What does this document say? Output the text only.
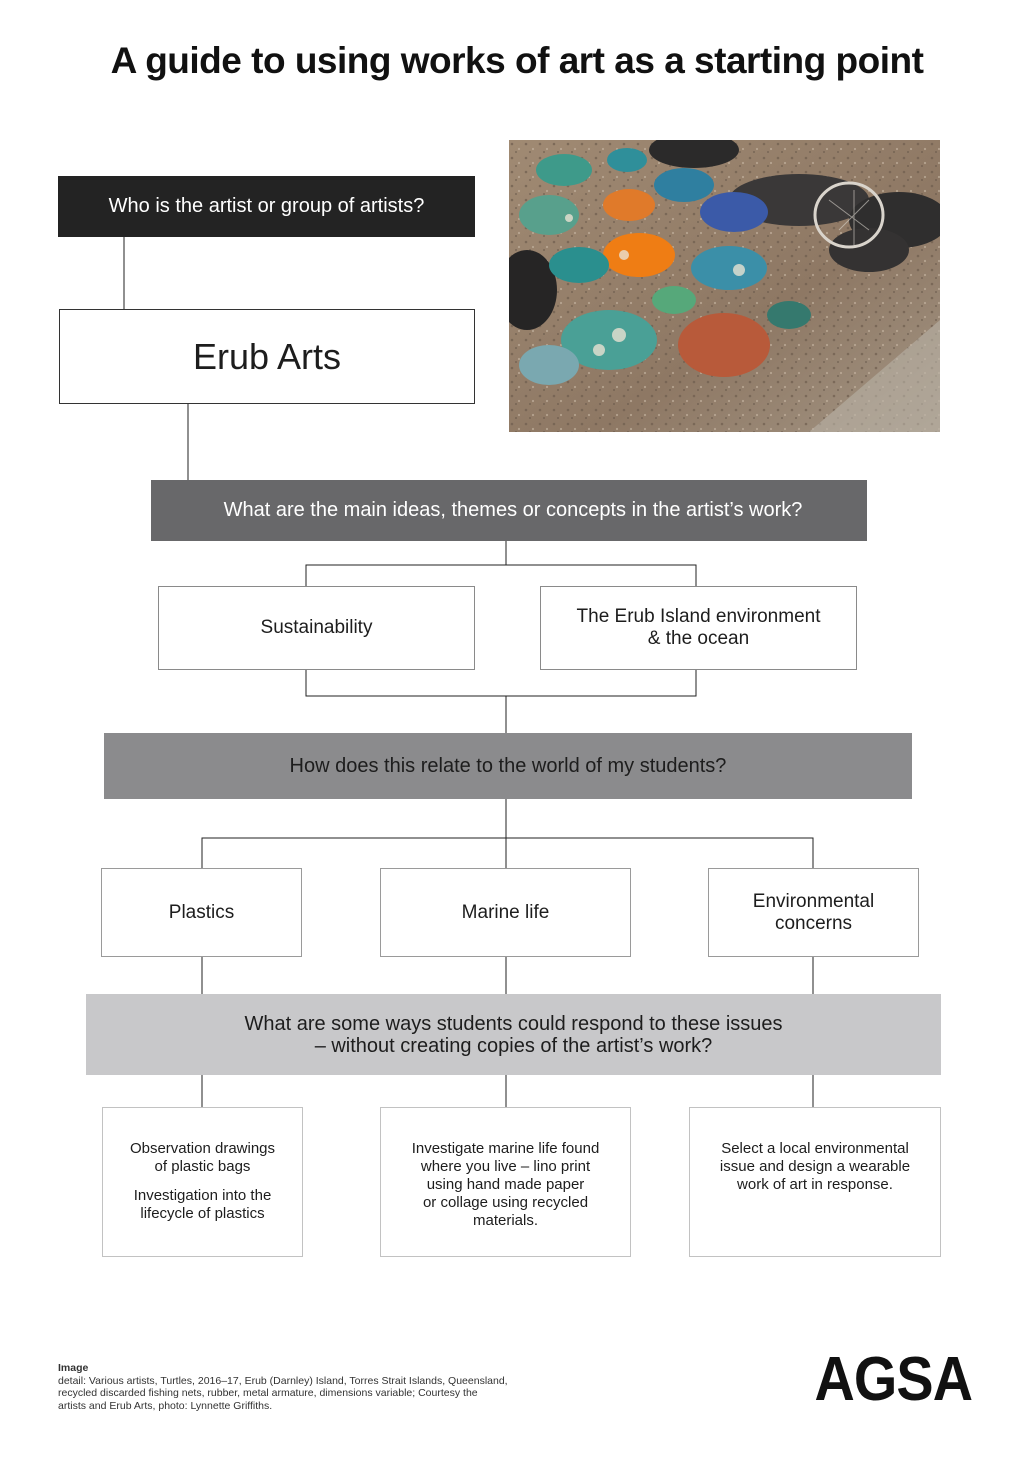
A guide to using works of art as a starting point
Who is the artist or group of artists?
Erub Arts
What are the main ideas, themes or concepts in the artist’s work?
Sustainability
The Erub Island environment
& the ocean
How does this relate to the world of my students?
Plastics	Marine life
Environmental
concerns
What are some ways students could respond to these issues
– without creating copies of the artist’s work?
Observation drawings
of plastic bags
Investigation into the
lifecycle of plastics
Investigate marine life found
where you live – lino print
using hand made paper
or collage using recycled
materials.
Select a local environmental
issue and design a wearable
work of art in response.
Image
detail: Various artists, Turtles, 2016–17, Erub (Darnley) Island, Torres Strait Islands, Queensland,
recycled discarded fishing nets, rubber, metal armature, dimensions variable; Courtesy the
artists and Erub Arts, photo: Lynnette Griffiths.	AGSA
